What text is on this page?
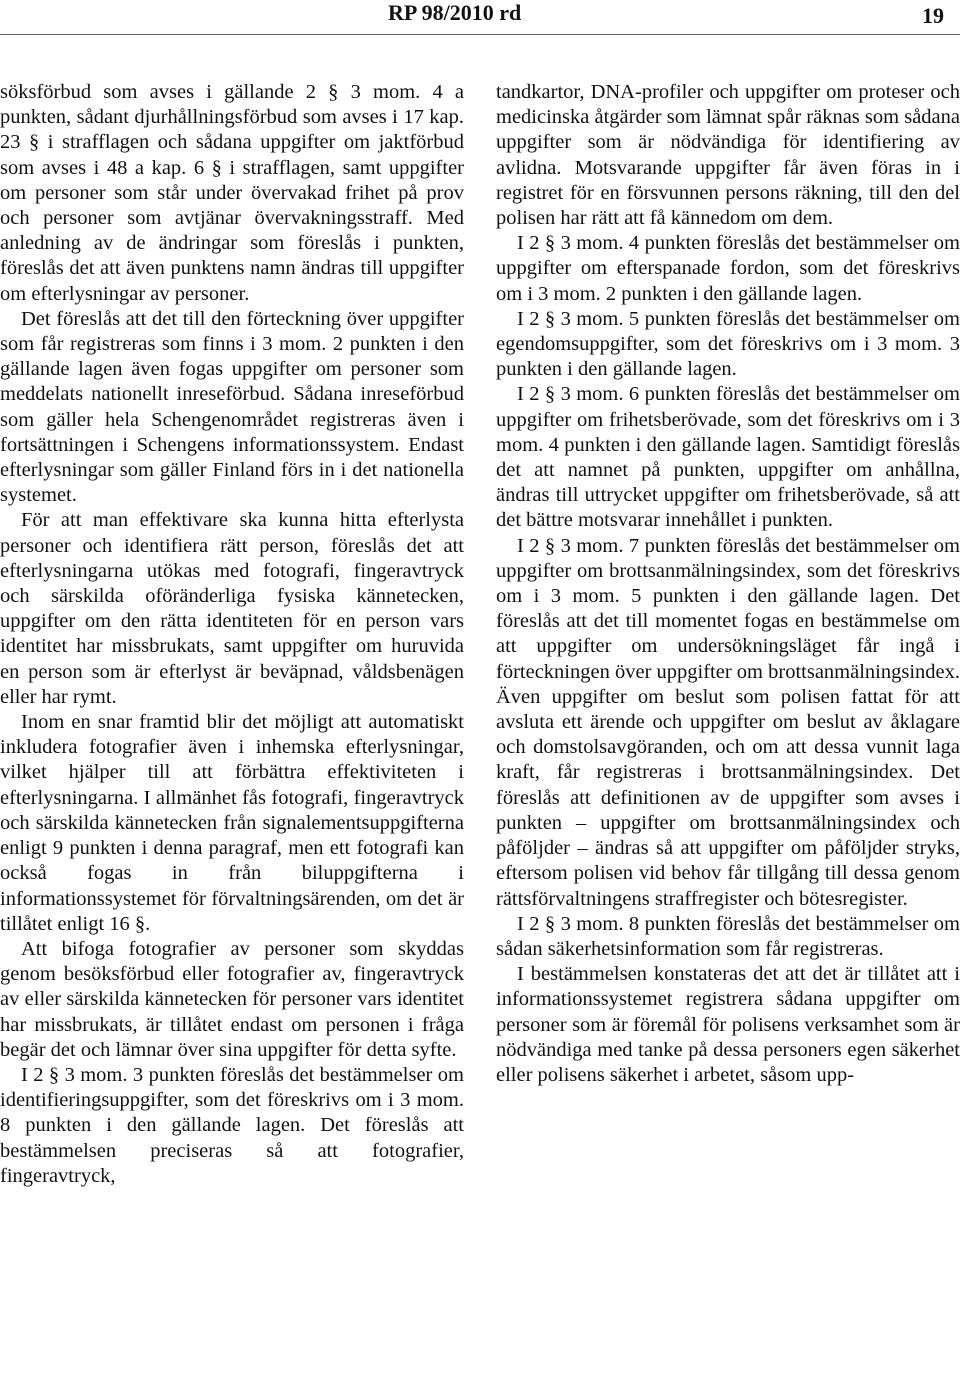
RP 98/2010 rd	19

söksförbud som avses i gällande 2 § 3 mom. 4 a punkten, sådant djurhållningsförbud som avses i 17 kap. 23 § i strafflagen och sådana uppgifter om jaktförbud som avses i 48 a kap. 6 § i strafflagen, samt uppgifter om personer som står under övervakad frihet på prov och personer som avtjänar övervakningsstraff. Med anledning av de ändringar som föreslås i punkten, föreslås det att även punktens namn ändras till uppgifter om efterlysningar av personer.

Det föreslås att det till den förteckning över uppgifter som får registreras som finns i 3 mom. 2 punkten i den gällande lagen även fogas uppgifter om personer som meddelats nationellt inreseförbud. Sådana inreseförbud som gäller hela Schengenområdet registreras även i fortsättningen i Schengens informationssystem. Endast efterlysningar som gäller Finland förs in i det nationella systemet.

För att man effektivare ska kunna hitta efterlysta personer och identifiera rätt person, föreslås det att efterlysningarna utökas med fotografi, fingeravtryck och särskilda oföränderliga fysiska kännetecken, uppgifter om den rätta identiteten för en person vars identitet har missbrukats, samt uppgifter om huruvida en person som är efterlyst är beväpnad, våldsbenägen eller har rymt.

Inom en snar framtid blir det möjligt att automatiskt inkludera fotografier även i inhemska efterlysningar, vilket hjälper till att förbättra effektiviteten i efterlysningarna. I allmänhet fås fotografi, fingeravtryck och särskilda kännetecken från signalementsuppgifterna enligt 9 punkten i denna paragraf, men ett fotografi kan också fogas in från biluppgifterna i informationssystemet för förvaltningsärenden, om det är tillåtet enligt 16 §.

Att bifoga fotografier av personer som skyddas genom besöksförbud eller fotografier av, fingeravtryck av eller särskilda kännetecken för personer vars identitet har missbrukats, är tillåtet endast om personen i fråga begär det och lämnar över sina uppgifter för detta syfte.

I 2 § 3 mom. 3 punkten föreslås det bestämmelser om identifieringsuppgifter, som det föreskrivs om i 3 mom. 8 punkten i den gällande lagen. Det föreslås att bestämmelsen preciseras så att fotografier, fingeravtryck,

tandkartor, DNA-profiler och uppgifter om proteser och medicinska åtgärder som lämnat spår räknas som sådana uppgifter som är nödvändiga för identifiering av avlidna. Motsvarande uppgifter får även föras in i registret för en försvunnen persons räkning, till den del polisen har rätt att få kännedom om dem.

I 2 § 3 mom. 4 punkten föreslås det bestämmelser om uppgifter om efterspanade fordon, som det föreskrivs om i 3 mom. 2 punkten i den gällande lagen.

I 2 § 3 mom. 5 punkten föreslås det bestämmelser om egendomsuppgifter, som det föreskrivs om i 3 mom. 3 punkten i den gällande lagen.

I 2 § 3 mom. 6 punkten föreslås det bestämmelser om uppgifter om frihetsberövade, som det föreskrivs om i 3 mom. 4 punkten i den gällande lagen. Samtidigt föreslås det att namnet på punkten, uppgifter om anhållna, ändras till uttrycket uppgifter om frihetsberövade, så att det bättre motsvarar innehållet i punkten.

I 2 § 3 mom. 7 punkten föreslås det bestämmelser om uppgifter om brottsanmälningsindex, som det föreskrivs om i 3 mom. 5 punkten i den gällande lagen. Det föreslås att det till momentet fogas en bestämmelse om att uppgifter om undersökningsläget får ingå i förteckningen över uppgifter om brottsanmälningsindex. Även uppgifter om beslut som polisen fattat för att avsluta ett ärende och uppgifter om beslut av åklagare och domstolsavgöranden, och om att dessa vunnit laga kraft, får registreras i brottsanmälningsindex. Det föreslås att definitionen av de uppgifter som avses i punkten – uppgifter om brottsanmälningsindex och påföljder – ändras så att uppgifter om påföljder stryks, eftersom polisen vid behov får tillgång till dessa genom rättsförvaltningens straffregister och bötesregister.

I 2 § 3 mom. 8 punkten föreslås det bestämmelser om sådan säkerhetsinformation som får registreras.

I bestämmelsen konstateras det att det är tillåtet att i informationssystemet registrera sådana uppgifter om personer som är föremål för polisens verksamhet som är nödvändiga med tanke på dessa personers egen säkerhet eller polisens säkerhet i arbetet, såsom upp-
